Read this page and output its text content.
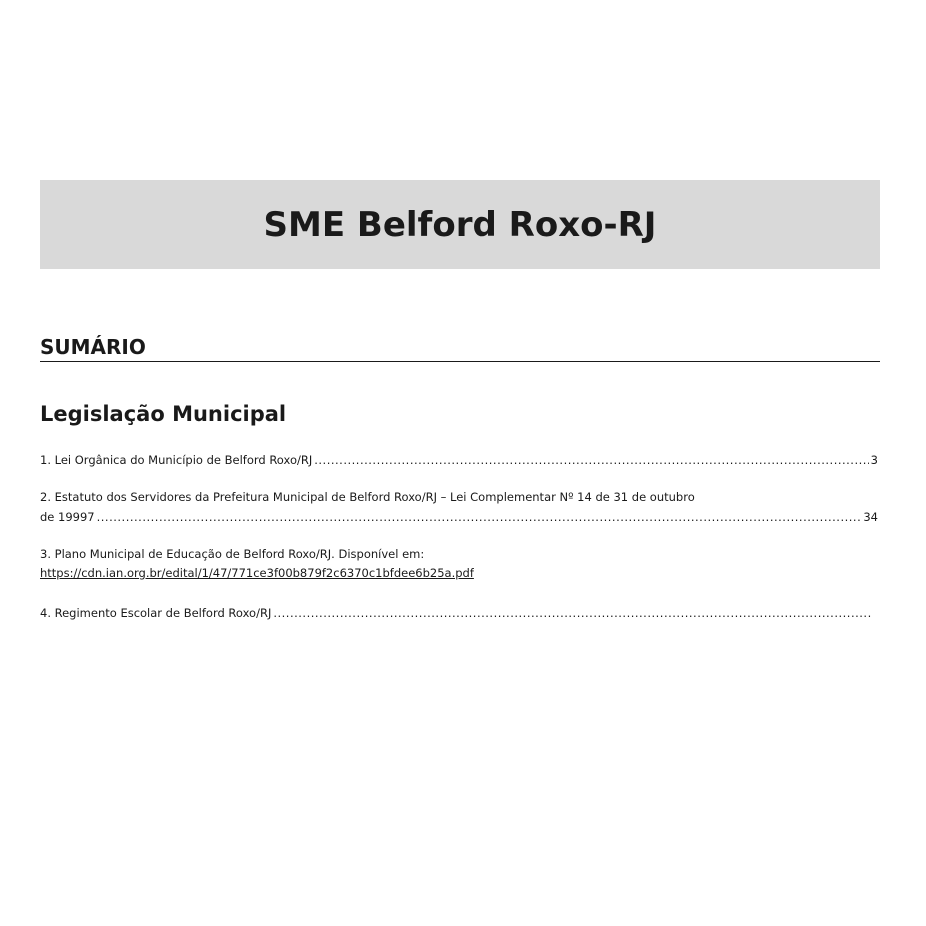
SME Belford Roxo-RJ
SUMÁRIO
Legislação Municipal
1. Lei Orgânica do Município de Belford Roxo/RJ .....	3
2. Estatuto dos Servidores da Prefeitura Municipal de Belford Roxo/RJ – Lei Complementar Nº 14 de 31 de outubro
de 19997 .....	34
3. Plano Municipal de Educação de Belford Roxo/RJ. Disponível em:
https://cdn.ian.org.br/edital/1/47/771ce3f00b879f2c6370c1bfdee6b25a.pdf
4. Regimento Escolar de Belford Roxo/RJ
.....
